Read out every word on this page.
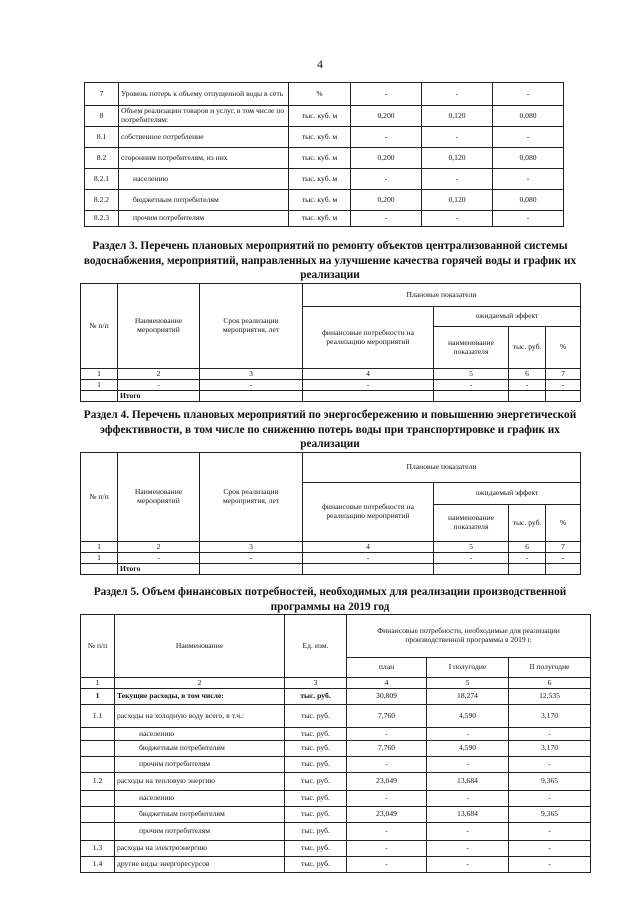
4
7	Уровень потерь к объему отпущенной воды в сеть	%	-	-	-
8	Объем реализации товаров и услуг, в том числе по потребителям:	тыс. куб. м	0,200	0,120	0,080
8.1	собственное потребление	тыс. куб. м	-	-	-
8.2	сторонним потребителям, из них	тыс. куб. м	0,200	0,120	0,080
8.2.1	населению	тыс. куб. м	-	-	-
8.2.2	бюджетным потребителям	тыс. куб. м	0,200	0,120	0,080
8.2.3	прочим потребителям	тыс. куб. м	-	-	-
Раздел 3. Перечень плановых мероприятий по ремонту объектов централизованной системы водоснабжения, мероприятий, направленных на улучшение качества горячей воды и график их реализации
№ п/п	Наименование мероприятий	Срок реализации мероприятия, лет	Плановые показатели			
			финансовые потребности на реализацию мероприятий	ожидаемый эффект		
				наименование показателя	тыс. руб.	%
1	2	3	4	5	6	7
1	-	-	-	-	-	-
	Итого					
Раздел 4. Перечень плановых мероприятий по энергосбережению и повышению энергетической эффективности, в том числе по снижению потерь воды при транспортировке и график их реализации
№ п/п	Наименование мероприятий	Срок реализации мероприятия, лет	Плановые показатели			
			финансовые потребности на реализацию мероприятий	ожидаемый эффект		
				наименование показателя	тыс. руб.	%
1	2	3	4	5	6	7
1	-	-	-	-	-	-
	Итого					
Раздел 5. Объем финансовых потребностей, необходимых для реализации производственной программы на 2019 год
№ п/п	Наименование	Ед. изм.	Финансовые потребности, необходимые для реализации производственной программы в 2019 г.		
			план	I полугодие	II полугодие
1	2	3	4	5	6
1	Текущие расходы, в том числе:	тыс. руб.	30,809	18,274	12,535
1.1	расходы на холодную воду всего, в т.ч.:	тыс. руб.	7,760	4,590	3,170
	населению	тыс. руб.	-	-	-
	бюджетным потребителям	тыс. руб.	7,760	4,590	3,170
	прочим потребителям	тыс. руб.	-	-	-
1.2	расходы на тепловую энергию	тыс. руб.	23,049	13,684	9,365
	населению	тыс. руб.	-	-	-
	бюджетным потребителям	тыс. руб.	23,049	13,684	9,365
	прочим потребителям	тыс. руб.	-	-	-
1.3	расходы на электроэнергию	тыс. руб.	-	-	-
1.4	другие виды энергоресурсов	тыс. руб.	-	-	-
